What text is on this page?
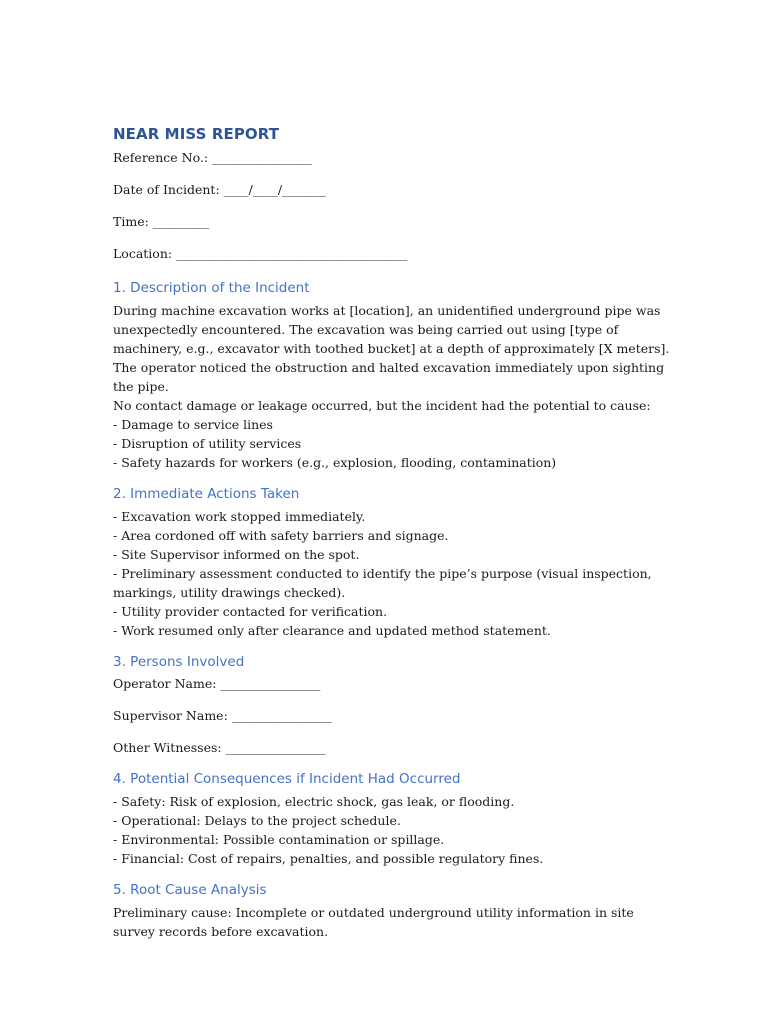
NEAR MISS REPORT
Reference No.: ________________
Date of Incident: ____/____/_______
Time: _________
Location: _____________________________________
1. Description of the Incident

During machine excavation works at [location], an unidentified underground pipe was unexpectedly encountered. The excavation was being carried out using [type of machinery, e.g., excavator with toothed bucket] at a depth of approximately [X meters]. The operator noticed the obstruction and halted excavation immediately upon sighting the pipe.

No contact damage or leakage occurred, but the incident had the potential to cause:

- Damage to service lines
- Disruption of utility services
- Safety hazards for workers (e.g., explosion, flooding, contamination)
2. Immediate Actions Taken
- Excavation work stopped immediately.
- Area cordoned off with safety barriers and signage.
- Site Supervisor informed on the spot.

- Preliminary assessment conducted to identify the pipe’s purpose (visual inspection, markings, utility drawings checked).

- Utility provider contacted for verification.
- Work resumed only after clearance and updated method statement.
3. Persons Involved
Operator Name: ________________
Supervisor Name: ________________
Other Witnesses: ________________
4. Potential Consequences if Incident Had Occurred
- Safety: Risk of explosion, electric shock, gas leak, or flooding.
- Operational: Delays to the project schedule.
- Environmental: Possible contamination or spillage.
- Financial: Cost of repairs, penalties, and possible regulatory fines.
5. Root Cause Analysis

Preliminary cause: Incomplete or outdated underground utility information in site survey records before excavation.
